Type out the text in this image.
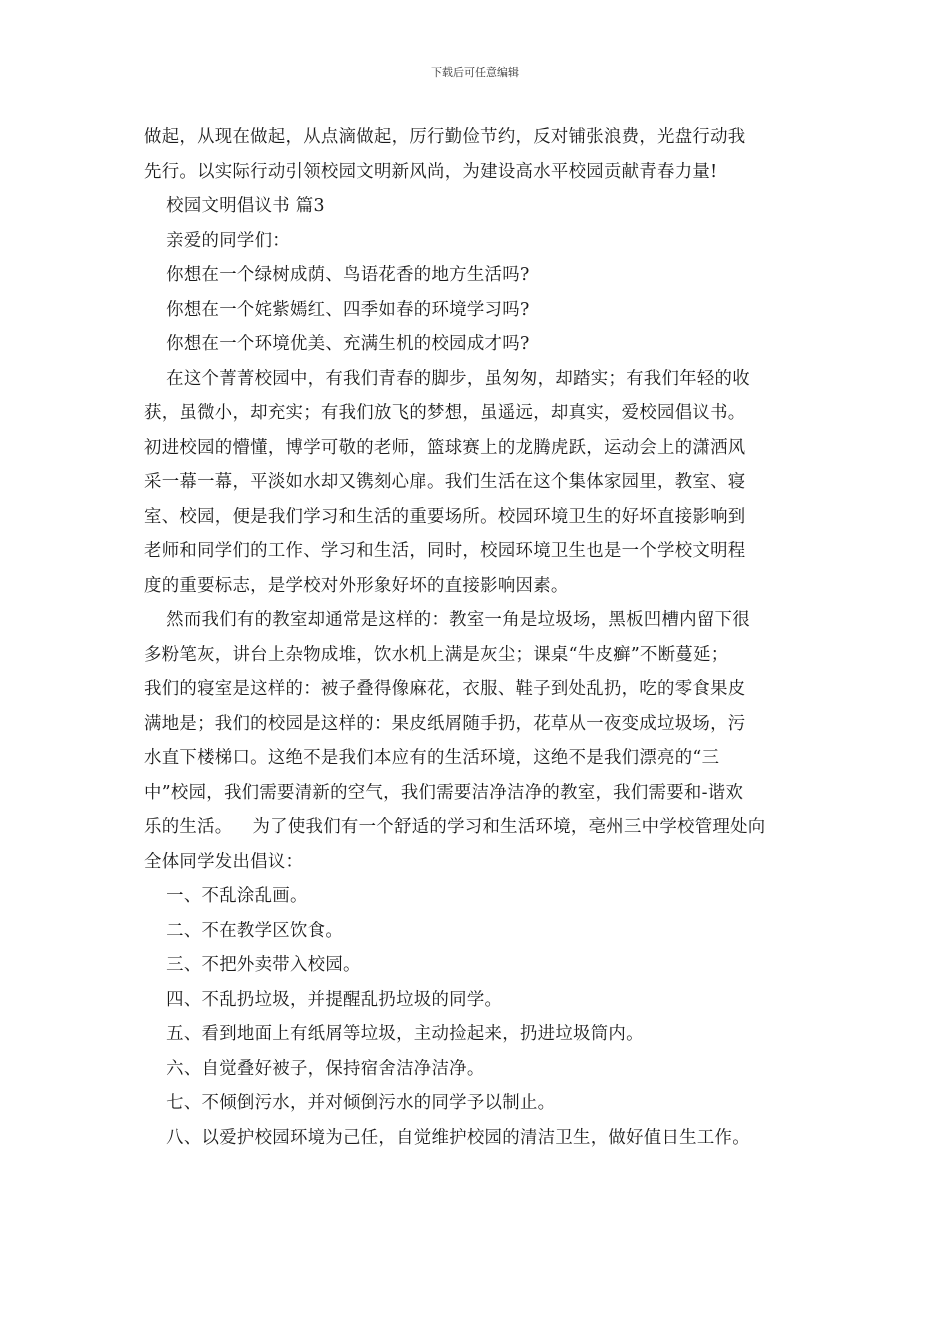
下载后可任意编辑

做起，从现在做起，从点滴做起，厉行勤俭节约，反对铺张浪费，光盘行动我

先行。以实际行动引领校园文明新风尚，为建设高水平校园贡献青春力量!

校园文明倡议书 篇3

亲爱的同学们：

你想在一个绿树成荫、鸟语花香的地方生活吗?

你想在一个姹紫嫣红、四季如春的环境学习吗?

你想在一个环境优美、充满生机的校园成才吗?

在这个菁菁校园中，有我们青春的脚步，虽匆匆，却踏实；有我们年轻的收

获，虽微小，却充实；有我们放飞的梦想，虽遥远，却真实，爱校园倡议书。

初进校园的懵懂，博学可敬的老师，篮球赛上的龙腾虎跃，运动会上的潇洒风

采一幕一幕，平淡如水却又镌刻心扉。我们生活在这个集体家园里，教室、寝

室、校园，便是我们学习和生活的重要场所。校园环境卫生的好坏直接影响到

老师和同学们的工作、学习和生活，同时，校园环境卫生也是一个学校文明程

度的重要标志，是学校对外形象好坏的直接影响因素。

然而我们有的教室却通常是这样的：教室一角是垃圾场，黑板凹槽内留下很

多粉笔灰，讲台上杂物成堆，饮水机上满是灰尘；课桌“牛皮癣”不断蔓延；

我们的寝室是这样的：被子叠得像麻花，衣服、鞋子到处乱扔，吃的零食果皮

满地是；我们的校园是这样的：果皮纸屑随手扔，花草从一夜变成垃圾场，污

水直下楼梯口。这绝不是我们本应有的生活环境，这绝不是我们漂亮的“三

中”校园，我们需要清新的空气，我们需要洁净洁净的教室，我们需要和-谐欢

乐的生活。 为了使我们有一个舒适的学习和生活环境，亳州三中学校管理处向

全体同学发出倡议：

一、不乱涂乱画。

二、不在教学区饮食。

三、不把外卖带入校园。

四、不乱扔垃圾，并提醒乱扔垃圾的同学。

五、看到地面上有纸屑等垃圾，主动捡起来，扔进垃圾筒内。

六、自觉叠好被子，保持宿舍洁净洁净。

七、不倾倒污水，并对倾倒污水的同学予以制止。

八、以爱护校园环境为己任，自觉维护校园的清洁卫生，做好值日生工作。
